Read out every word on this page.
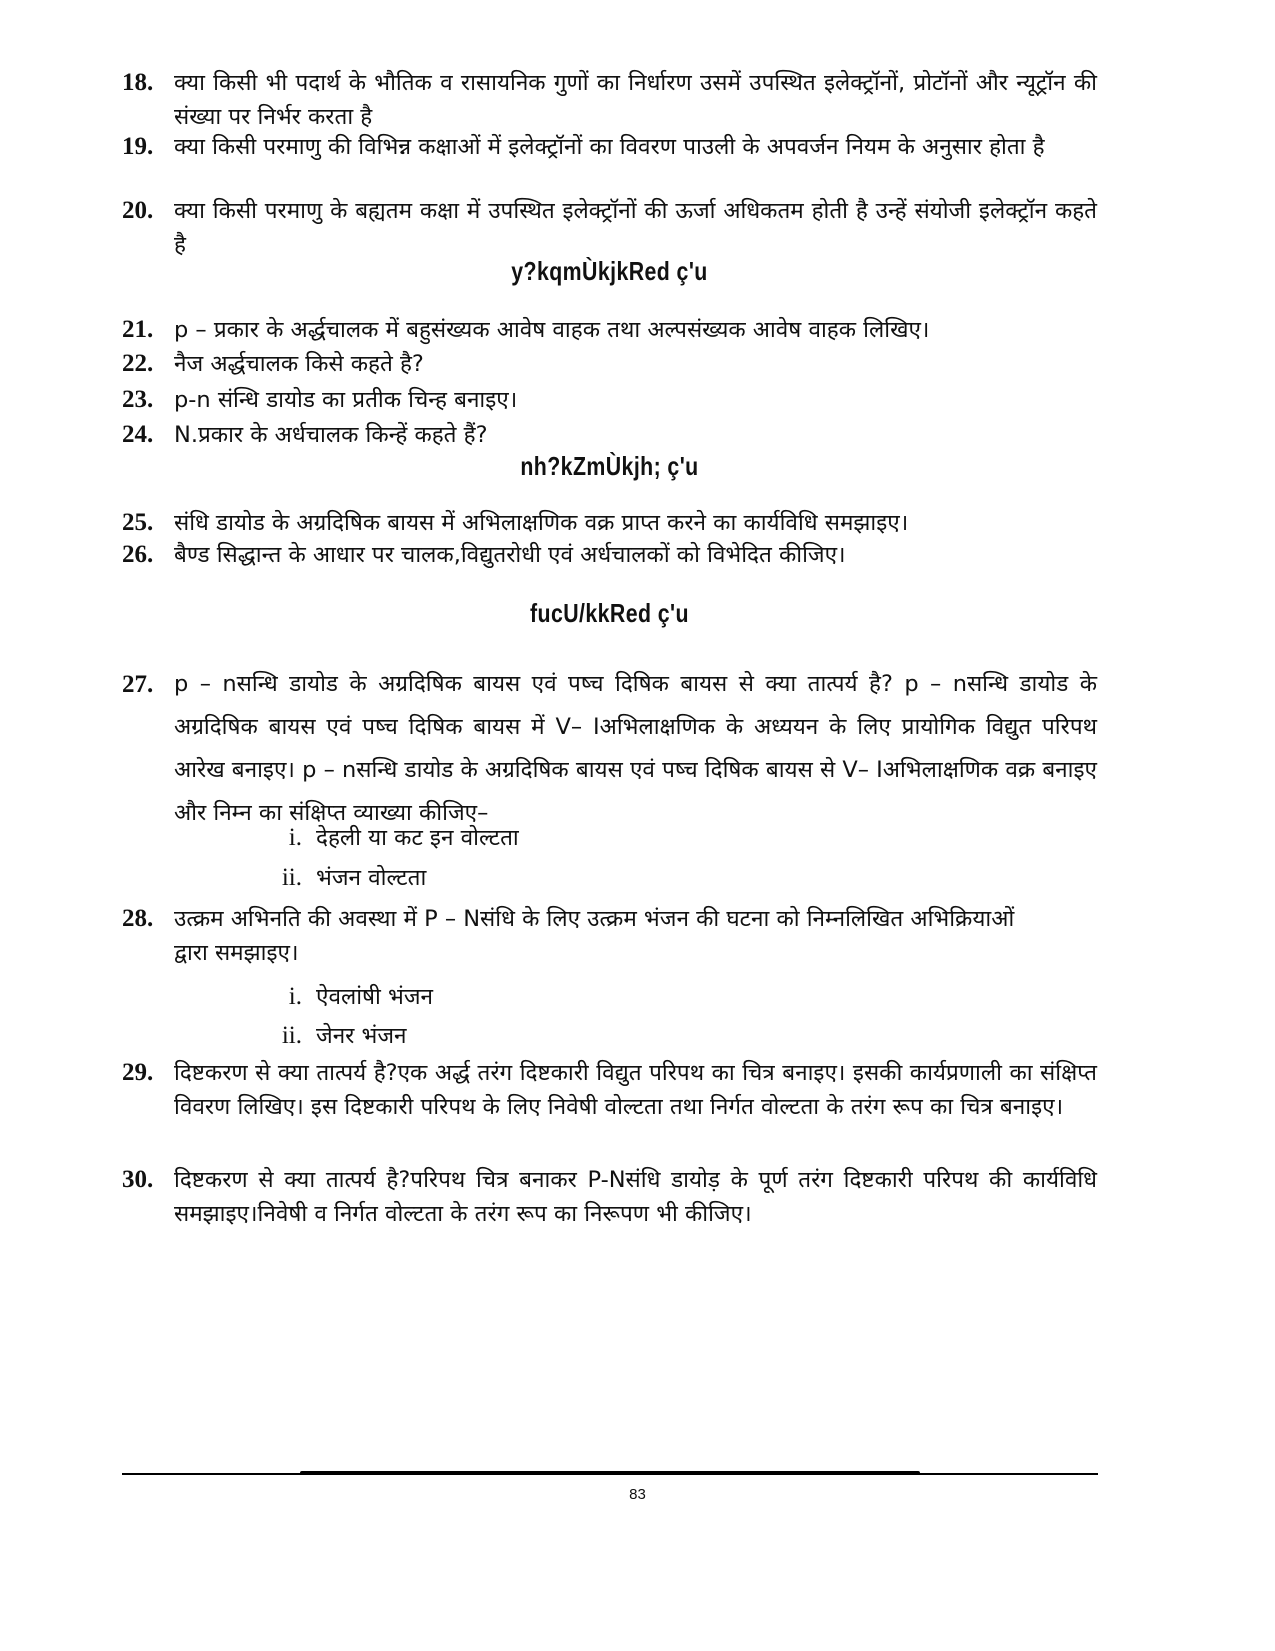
18. क्या किसी भी पदार्थ के भौतिक व रासायनिक गुणों का निर्धारण उसमें उपस्थित इलेक्ट्रॉनों, प्रोटॉनों और न्यूट्रॉन की संख्या पर निर्भर करता है
19. क्या किसी परमाणु की विभिन्न कक्षाओं में इलेक्ट्रॉनों का विवरण पाउली के अपवर्जन नियम के अनुसार होता है
20. क्या किसी परमाणु के बह्यतम कक्षा में उपस्थित इलेक्ट्रॉनों की ऊर्जा अधिकतम होती है उन्हें संयोजी इलेक्ट्रॉन कहते है
y?kqmÙkjkRed ç'u
21. p – प्रकार के अर्द्धचालक में बहुसंख्यक आवेष वाहक तथा अल्पसंख्यक आवेष वाहक लिखिए।
22. नैज अर्द्धचालक किसे कहते है?
23. p-n संन्धि डायोड का प्रतीक चिन्ह बनाइए।
24. N.प्रकार के अर्धचालक किन्हें कहते हैं?
nh?kZmÙkjh; ç'u
25. संधि डायोड के अग्रदिषिक बायस में अभिलाक्षणिक वक्र प्राप्त करने का कार्यविधि समझाइए।
26. बैण्ड सिद्धान्त के आधार पर चालक,विद्युतरोधी एवं अर्धचालकों को विभेदित कीजिए।
fucU/kkRed ç'u
27. p – nसन्धि डायोड के अग्रदिषिक बायस एवं पष्च दिषिक बायस से क्या तात्पर्य है? p – nसन्धि डायोड के अग्रदिषिक बायस एवं पष्च दिषिक बायस में V– Iअभिलाक्षणिक के अध्ययन के लिए प्रायोगिक विद्युत परिपथ आरेख बनाइए। p – nसन्धि डायोड के अग्रदिषिक बायस एवं पष्च दिषिक बायस से V– Iअभिलाक्षणिक वक्र बनाइए और निम्न का संक्षिप्त व्याख्या कीजिए–
i. देहली या कट इन वोल्टता
ii. भंजन वोल्टता
28. उत्क्रम अभिनति की अवस्था में P – Nसंधि के लिए उत्क्रम भंजन की घटना को निम्नलिखित अभिक्रियाओं द्वारा समझाइए।
i. ऐवलांषी भंजन
ii. जेनर भंजन
29. दिष्टकरण से क्या तात्पर्य है?एक अर्द्ध तरंग दिष्टकारी विद्युत परिपथ का चित्र बनाइए। इसकी कार्यप्रणाली का संक्षिप्त विवरण लिखिए। इस दिष्टकारी परिपथ के लिए निवेषी वोल्टता तथा निर्गत वोल्टता के तरंग रूप का चित्र बनाइए।
30. दिष्टकरण से क्या तात्पर्य है?परिपथ चित्र बनाकर P-Nसंधि डायोड़ के पूर्ण तरंग दिष्टकारी परिपथ की कार्यविधि समझाइए।निवेषी व निर्गत वोल्टता के तरंग रूप का निरूपण भी कीजिए।
83
